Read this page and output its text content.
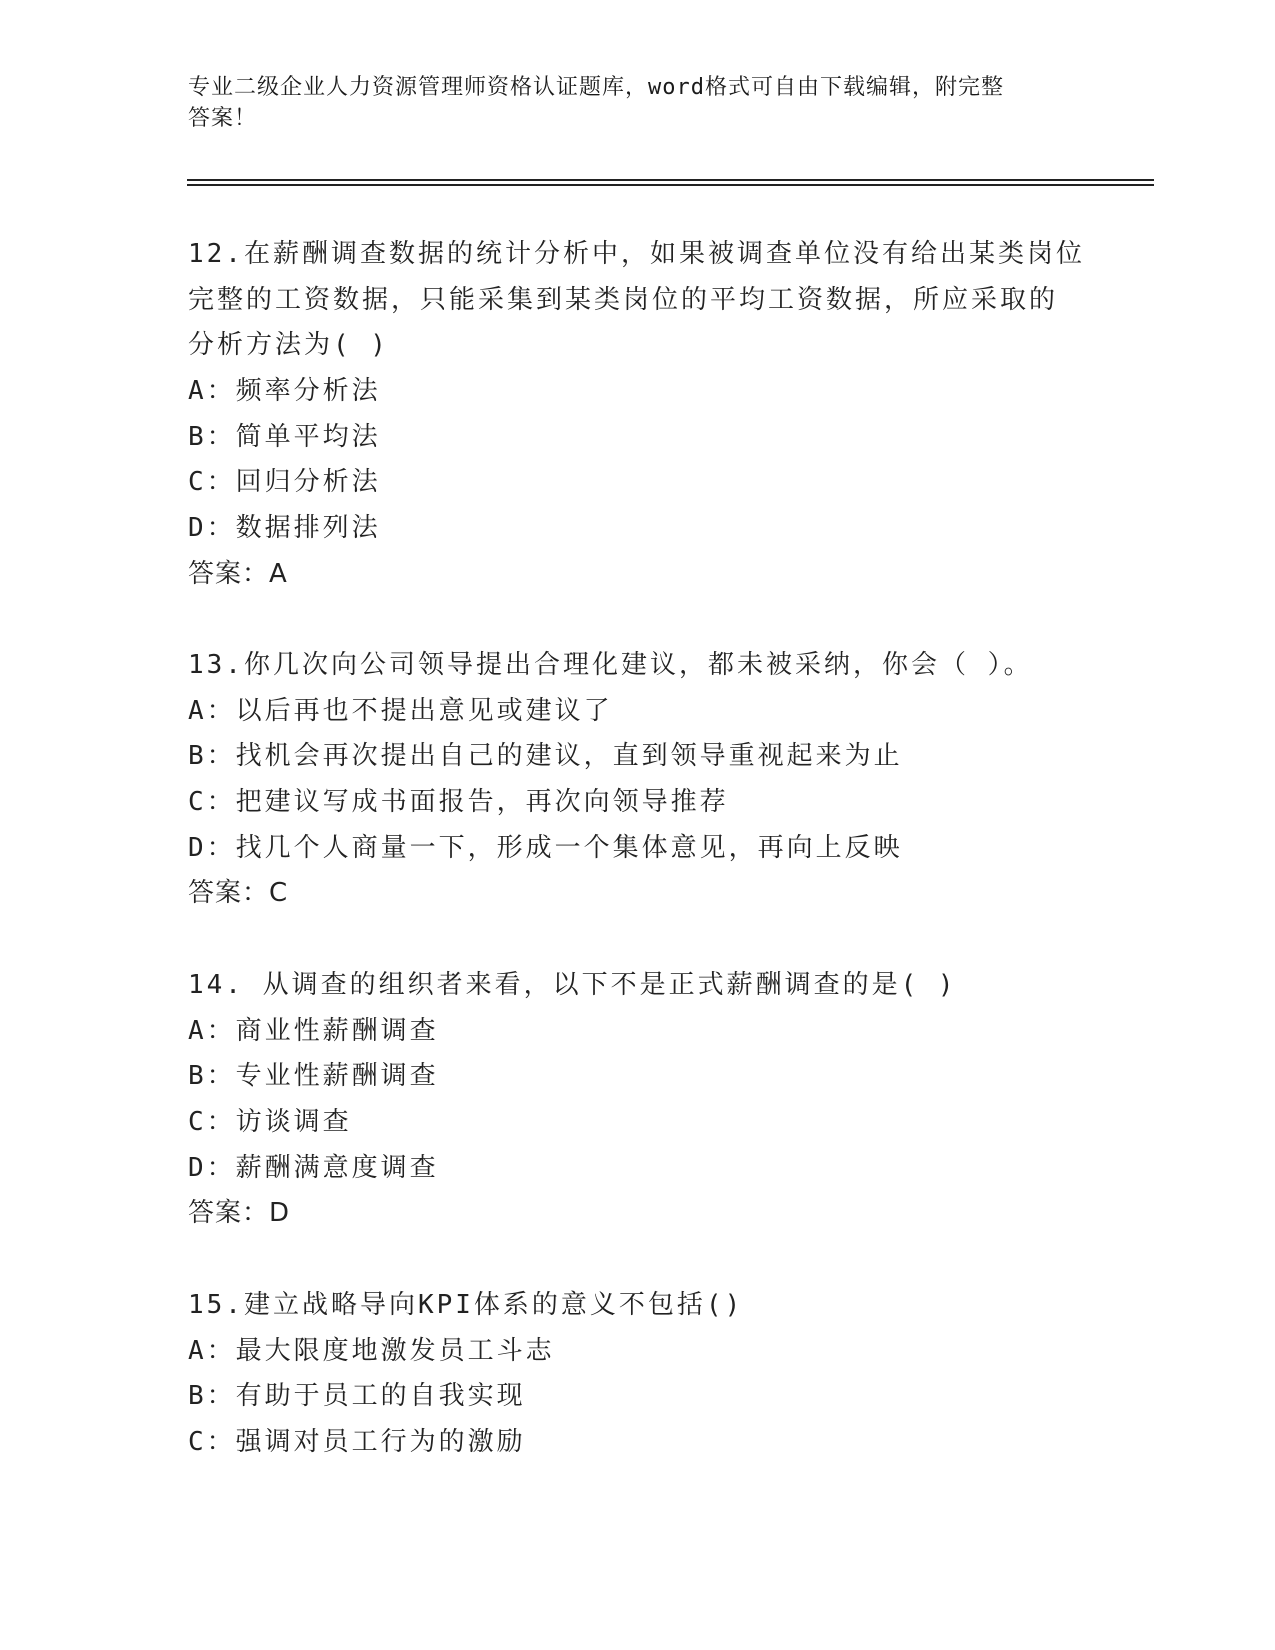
专业二级企业人力资源管理师资格认证题库，word格式可自由下载编辑，附完整
答案！
12.在薪酬调查数据的统计分析中，如果被调查单位没有给出某类岗位
完整的工资数据，只能采集到某类岗位的平均工资数据，所应采取的
分析方法为( )
A：频率分析法
B：简单平均法
C：回归分析法
D：数据排列法
答案：A
13.你几次向公司领导提出合理化建议，都未被采纳，你会（ ）。
A：以后再也不提出意见或建议了
B：找机会再次提出自己的建议，直到领导重视起来为止
C：把建议写成书面报告，再次向领导推荐
D：找几个人商量一下，形成一个集体意见，再向上反映
答案：C
14. 从调查的组织者来看，以下不是正式薪酬调查的是( )
A：商业性薪酬调查
B：专业性薪酬调查
C：访谈调查
D：薪酬满意度调查
答案：D
15.建立战略导向KPI体系的意义不包括()
A：最大限度地激发员工斗志
B：有助于员工的自我实现
C：强调对员工行为的激励
